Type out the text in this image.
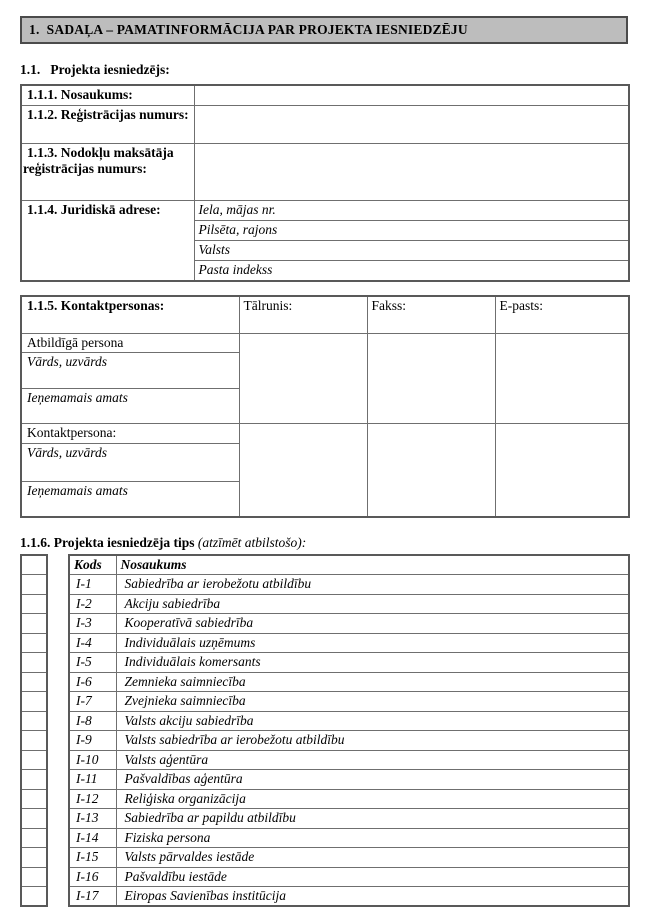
1.  SADAĻA – PAMATINFORMĀCIJA PAR PROJEKTA IESNIEDZĒJU
1.1.   Projekta iesniedzējs:
1.1.1. Nosaukums:	
1.1.2. Reģistrācijas numurs:	
1.1.3. Nodokļu maksātāja reģistrācijas numurs:	
1.1.4. Juridiskā adrese:	Iela, mājas nr.
	Pilsēta, rajons
	Valsts
	Pasta indekss
1.1.5. Kontaktpersonas:	Tālrunis:	Fakss:	E-pasts:
Atbildīgā persona			
Vārds, uzvārds			
Ieņemamais amats			
Kontaktpersona:			
Vārds, uzvārds			
Ieņemamais amats			
1.1.6. Projekta iesniedzēja tips (atzīmēt atbilstošo):

Kods	Nosaukums
I-1	Sabiedrība ar ierobežotu atbildību
I-2	Akciju sabiedrība
I-3	Kooperatīvā sabiedrība
I-4	Individuālais uzņēmums
I-5	Individuālais komersants
I-6	Zemnieka saimniecība
I-7	Zvejnieka saimniecība
I-8	Valsts akciju sabiedrība
I-9	Valsts sabiedrība ar ierobežotu atbildību
I-10	Valsts aģentūra
I-11	Pašvaldības aģentūra
I-12	Reliģiska organizācija
I-13	Sabiedrība ar papildu atbildību
I-14	Fiziska persona
I-15	Valsts pārvaldes iestāde
I-16	Pašvaldību iestāde
I-17	Eiropas Savienības institūcija
